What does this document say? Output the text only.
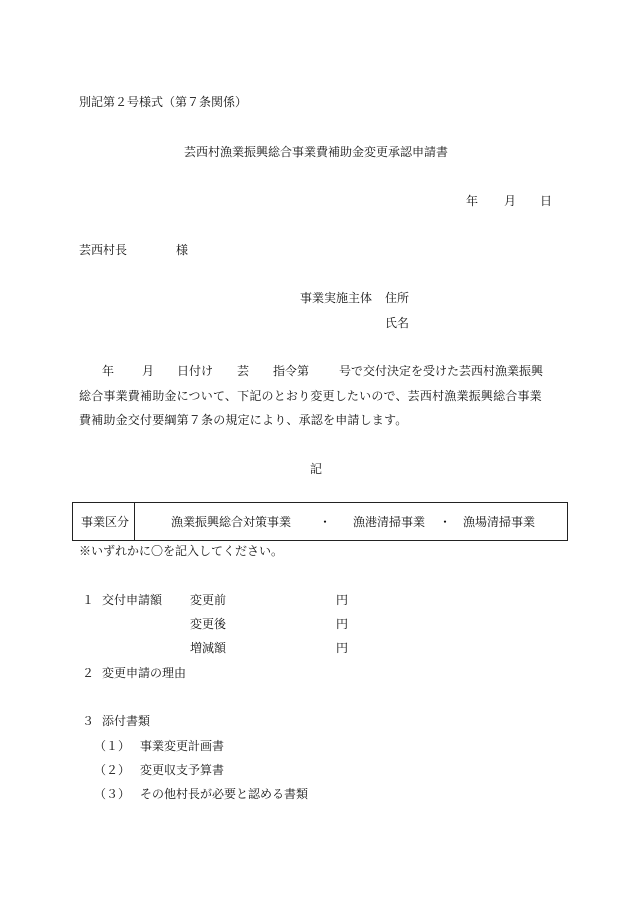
別記第２号様式（第７条関係）
芸西村漁業振興総合事業費補助金変更承認申請書
年 月 日
芸西村長	様
事業実施主体 住所
氏名
年 月 日付け 芸 指令第 号で交付決定を受けた芸西村漁業振興
総合事業費補助金について、下記のとおり変更したいので、芸西村漁業振興総合事業
費補助金交付要綱第７条の規定により、承認を申請します。
記
事業区分	漁業振興総合対策事業 ・ 漁港清掃事業 ・ 漁場清掃事業
※いずれかに〇を記入してください。
１ 交付申請額 変更前	円
変更後	円
増減額	円
２ 変更申請の理由
３ 添付書類
（１） 事業変更計画書
（２） 変更収支予算書
（３） その他村長が必要と認める書類
